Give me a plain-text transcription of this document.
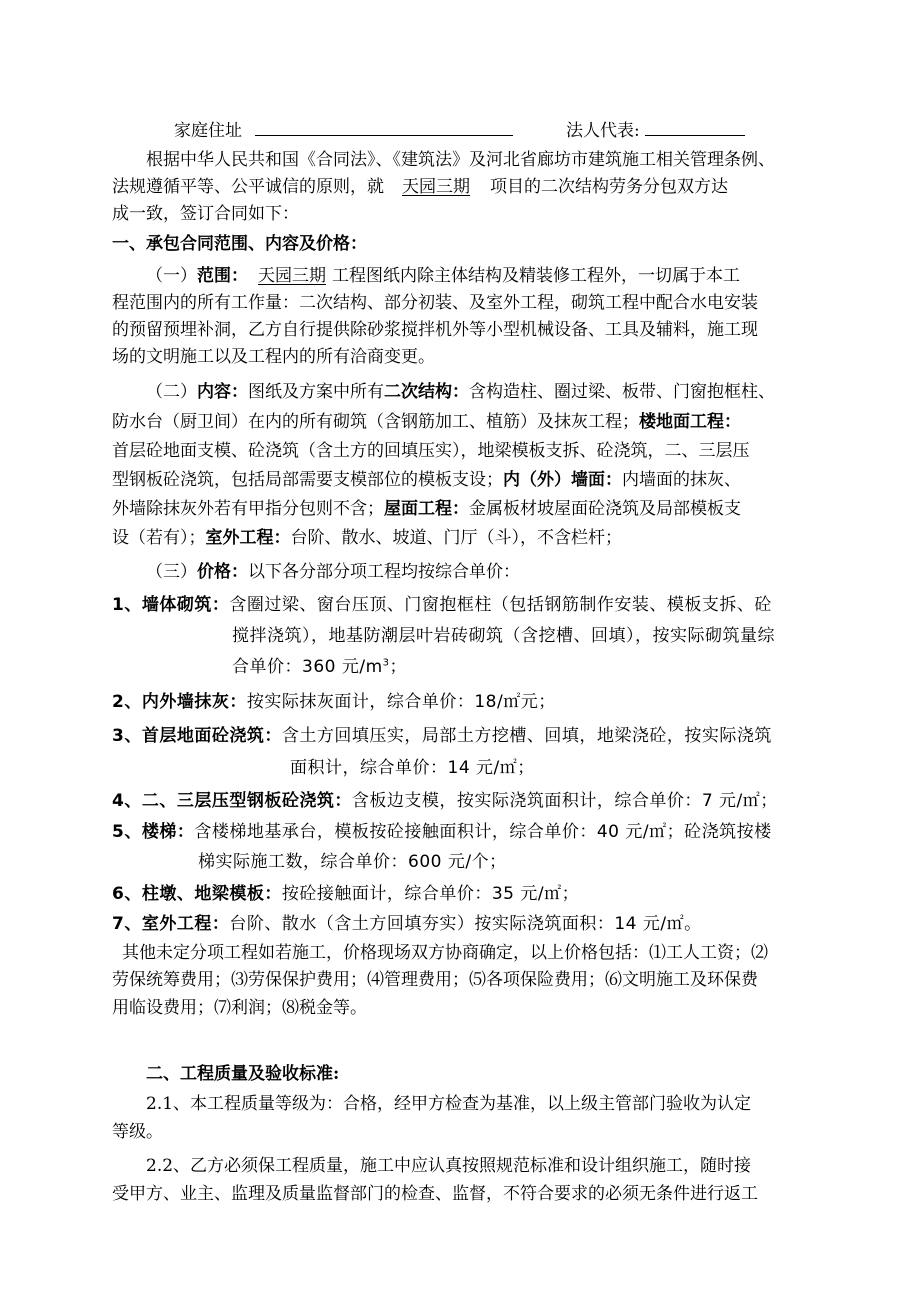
家庭住址	法人代表:
根据中华人民共和国《合同法》、《建筑法》及河北省廊坊市建筑施工相关管理条例、
法规遵循平等、公平诚信的原则，就 天园三期 项目的二次结构劳务分包双方达
成一致，签订合同如下：
一、承包合同范围、内容及价格：
（一）范围： 天园三期 工程图纸内除主体结构及精装修工程外，一切属于本工
程范围内的所有工作量：二次结构、部分初装、及室外工程，砌筑工程中配合水电安装
的预留预埋补洞，乙方自行提供除砂浆搅拌机外等小型机械设备、工具及辅料，施工现
场的文明施工以及工程内的所有洽商变更。
（二）内容：图纸及方案中所有二次结构：含构造柱、圈过梁、板带、门窗抱框柱、
防水台（厨卫间）在内的所有砌筑（含钢筋加工、植筋）及抹灰工程；楼地面工程：
首层砼地面支模、砼浇筑（含土方的回填压实），地梁模板支拆、砼浇筑，二、三层压
型钢板砼浇筑，包括局部需要支模部位的模板支设；内（外）墙面：内墙面的抹灰、
外墙除抹灰外若有甲指分包则不含；屋面工程：金属板材坡屋面砼浇筑及局部模板支
设（若有）；室外工程：台阶、散水、坡道、门厅（斗），不含栏杆；
（三）价格：以下各分部分项工程均按综合单价：
1、墙体砌筑：含圈过梁、窗台压顶、门窗抱框柱（包括钢筋制作安装、模板支拆、砼
搅拌浇筑），地基防潮层叶岩砖砌筑（含挖槽、回填），按实际砌筑量综
合单价：360 元$/m^3$；
2、内外墙抹灰：按实际抹灰面计，综合单价：18/㎡元；
3、首层地面砼浇筑：含土方回填压实，局部土方挖槽、回填，地梁浇砼，按实际浇筑
面积计，综合单价：14 元/㎡；
4、二、三层压型钢板砼浇筑：含板边支模，按实际浇筑面积计，综合单价：7 元/㎡；
5、楼梯：含楼梯地基承台，模板按砼接触面积计，综合单价：40 元/㎡；砼浇筑按楼
梯实际施工数，综合单价：600 元/个；
6、柱墩、地梁模板：按砼接触面计，综合单价：35 元/㎡；
7、室外工程：台阶、散水（含土方回填夯实）按实际浇筑面积：14 元/㎡。
其他未定分项工程如若施工，价格现场双方协商确定，以上价格包括：⑴工人工资；⑵
劳保统筹费用；⑶劳保保护费用；⑷管理费用；⑸各项保险费用；⑹文明施工及环保费
用临设费用；⑺利润；⑻税金等。
二、工程质量及验收标准:
2.1、本工程质量等级为：合格，经甲方检查为基准，以上级主管部门验收为认定
等级。
2.2、乙方必须保工程质量，施工中应认真按照规范标准和设计组织施工，随时接
受甲方、业主、监理及质量监督部门的检查、监督，不符合要求的必须无条件进行返工
